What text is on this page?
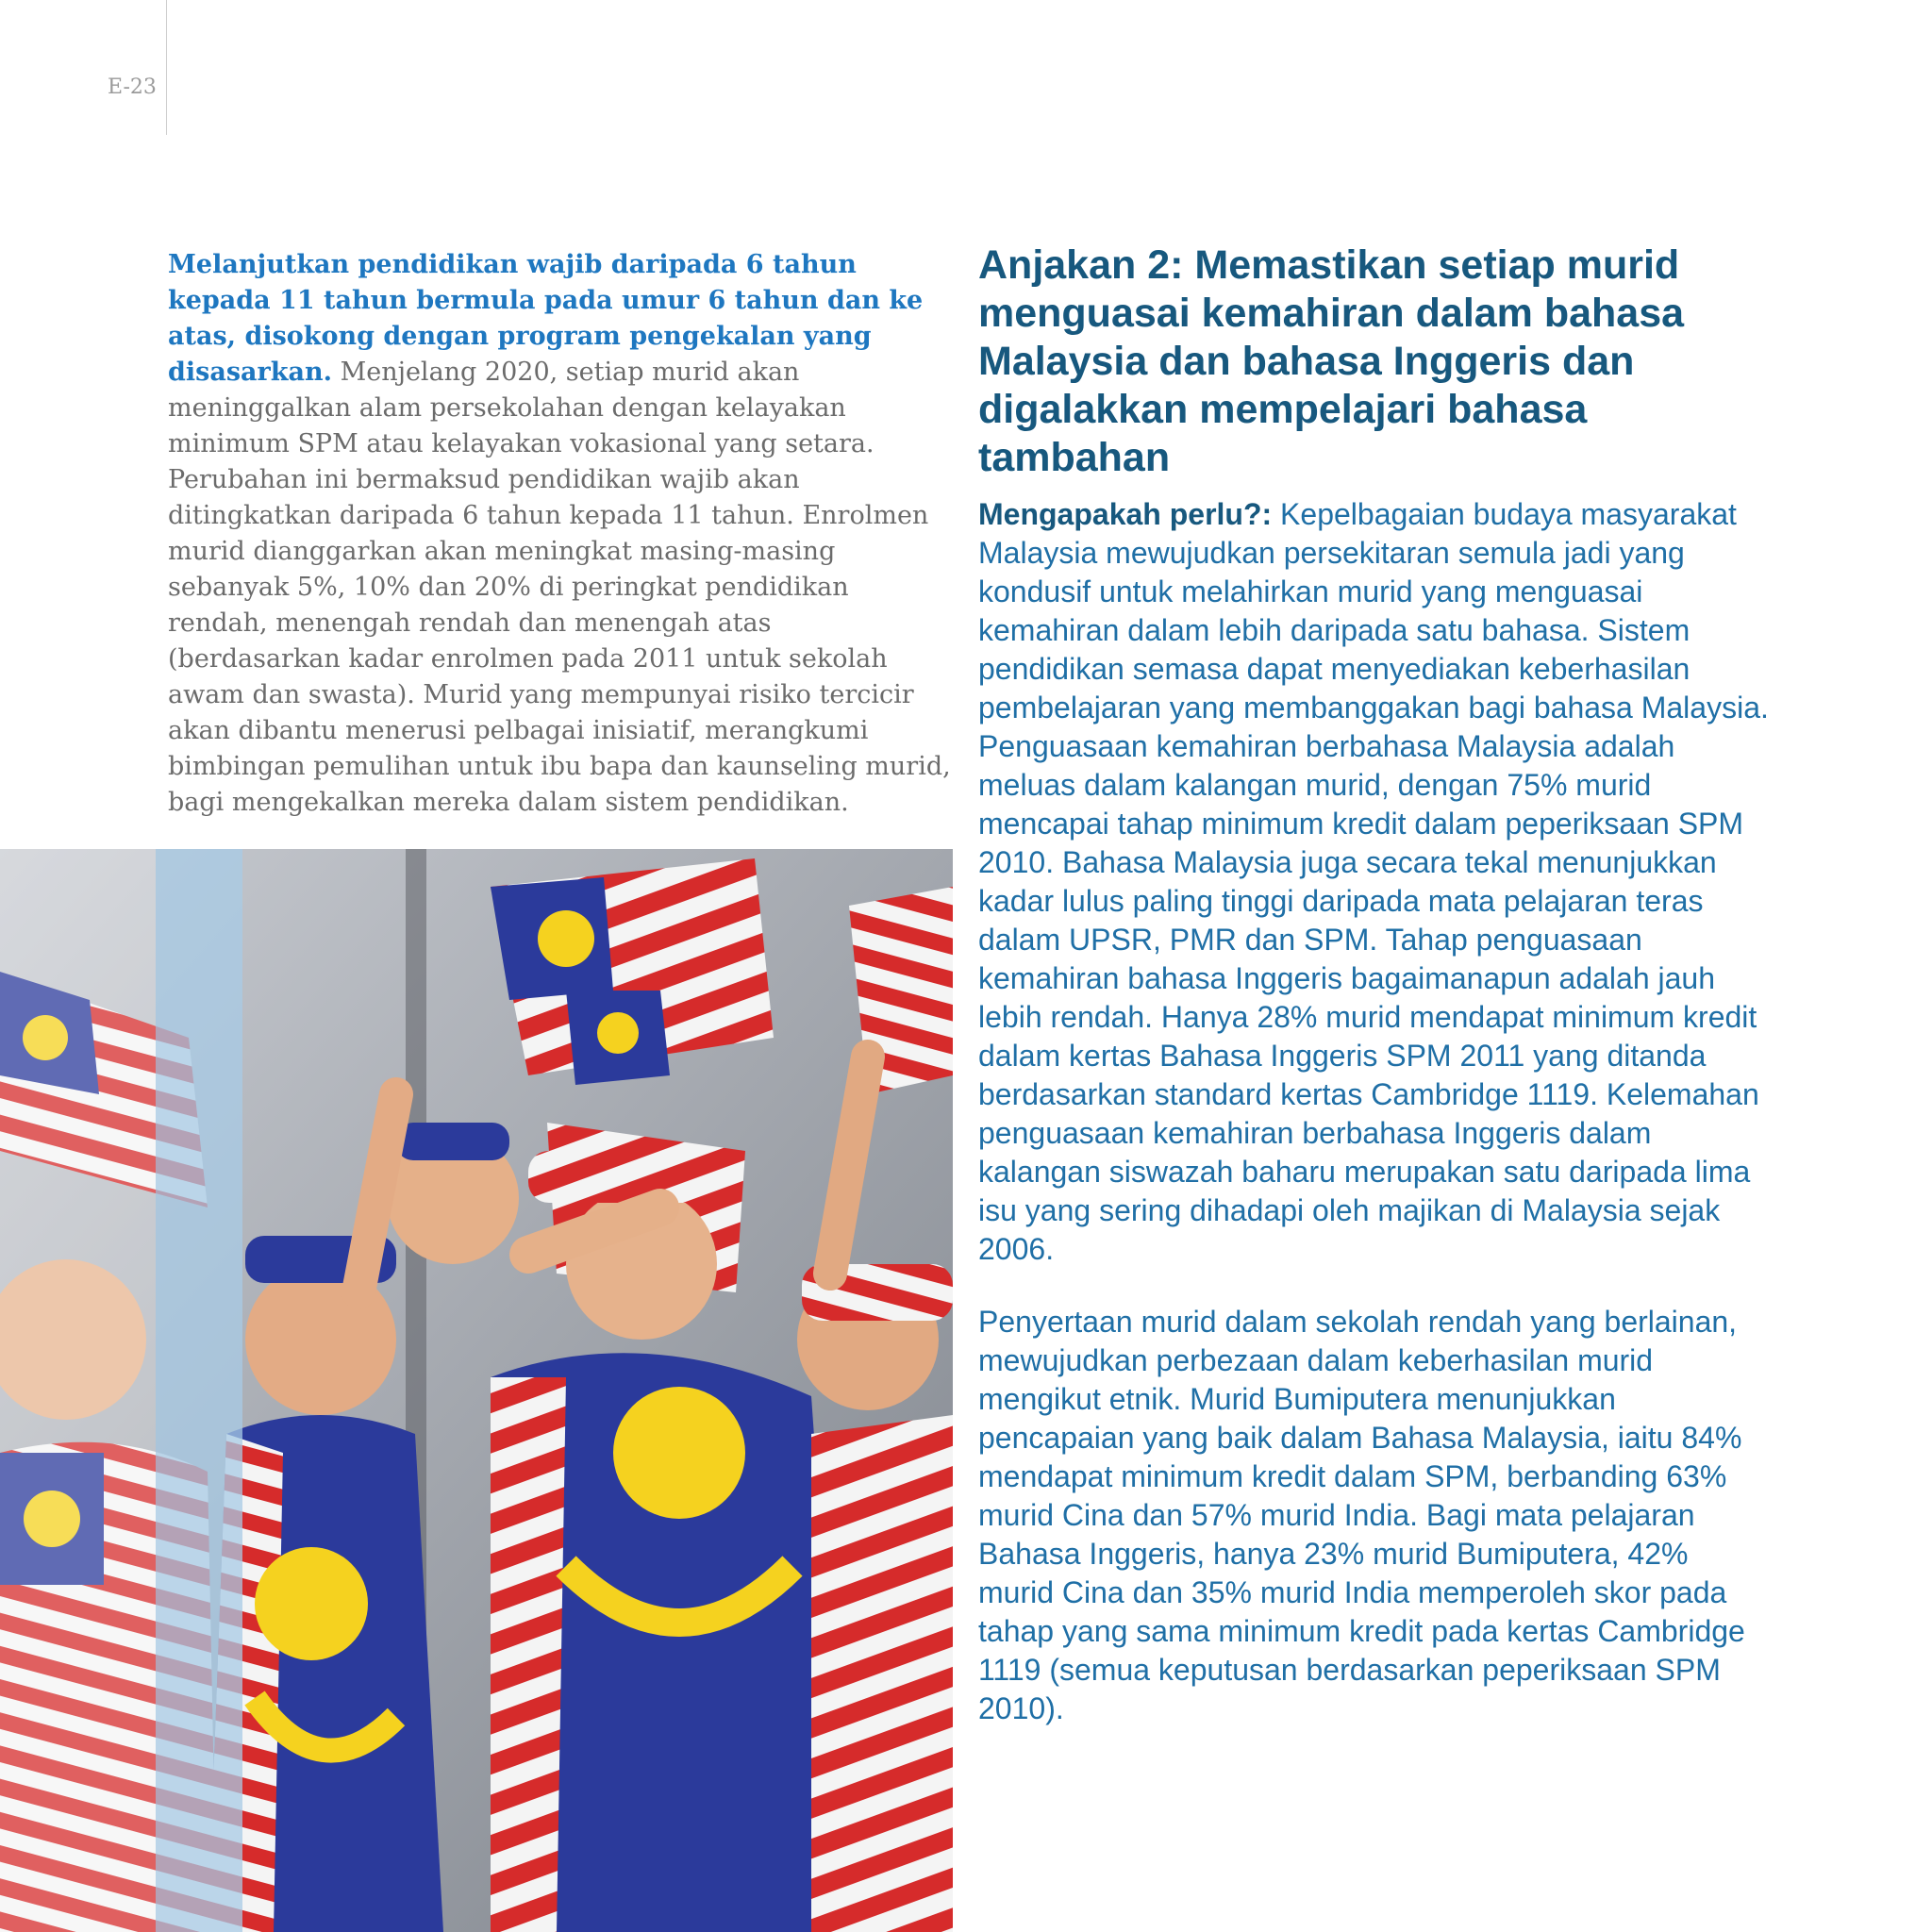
E-23
Melanjutkan pendidikan wajib daripada 6 tahun kepada 11 tahun bermula pada umur 6 tahun dan ke atas, disokong dengan program pengekalan yang disasarkan. Menjelang 2020, setiap murid akan meninggalkan alam persekolahan dengan kelayakan minimum SPM atau kelayakan vokasional yang setara. Perubahan ini bermaksud pendidikan wajib akan ditingkatkan daripada 6 tahun kepada 11 tahun. Enrolmen murid dianggarkan akan meningkat masing-masing sebanyak 5%, 10% dan 20% di peringkat pendidikan rendah, menengah rendah dan menengah atas (berdasarkan kadar enrolmen pada 2011 untuk sekolah awam dan swasta). Murid yang mempunyai risiko tercicir akan dibantu menerusi pelbagai inisiatif, merangkumi bimbingan pemulihan untuk ibu bapa dan kaunseling murid, bagi mengekalkan mereka dalam sistem pendidikan.
Anjakan 2: Memastikan setiap murid menguasai kemahiran dalam bahasa Malaysia dan bahasa Inggeris dan digalakkan mempelajari bahasa tambahan

Mengapakah perlu?: Kepelbagaian budaya masyarakat Malaysia mewujudkan persekitaran semula jadi yang kondusif untuk melahirkan murid yang menguasai kemahiran dalam lebih daripada satu bahasa. Sistem pendidikan semasa dapat menyediakan keberhasilan pembelajaran yang membanggakan bagi bahasa Malaysia. Penguasaan kemahiran berbahasa Malaysia adalah meluas dalam kalangan murid, dengan 75% murid mencapai tahap minimum kredit dalam peperiksaan SPM 2010. Bahasa Malaysia juga secara tekal menunjukkan kadar lulus paling tinggi daripada mata pelajaran teras dalam UPSR, PMR dan SPM. Tahap penguasaan kemahiran bahasa Inggeris bagaimanapun adalah jauh lebih rendah. Hanya 28% murid mendapat minimum kredit dalam kertas Bahasa Inggeris SPM 2011 yang ditanda berdasarkan standard kertas Cambridge 1119. Kelemahan penguasaan kemahiran berbahasa Inggeris dalam kalangan siswazah baharu merupakan satu daripada lima isu yang sering dihadapi oleh majikan di Malaysia sejak 2006.

Penyertaan murid dalam sekolah rendah yang berlainan, mewujudkan perbezaan dalam keberhasilan murid mengikut etnik. Murid Bumiputera menunjukkan pencapaian yang baik dalam Bahasa Malaysia, iaitu 84% mendapat minimum kredit dalam SPM, berbanding 63% murid Cina dan 57% murid India. Bagi mata pelajaran Bahasa Inggeris, hanya 23% murid Bumiputera, 42% murid Cina dan 35% murid India memperoleh skor pada tahap yang sama minimum kredit pada kertas Cambridge 1119 (semua keputusan berdasarkan peperiksaan SPM 2010).
